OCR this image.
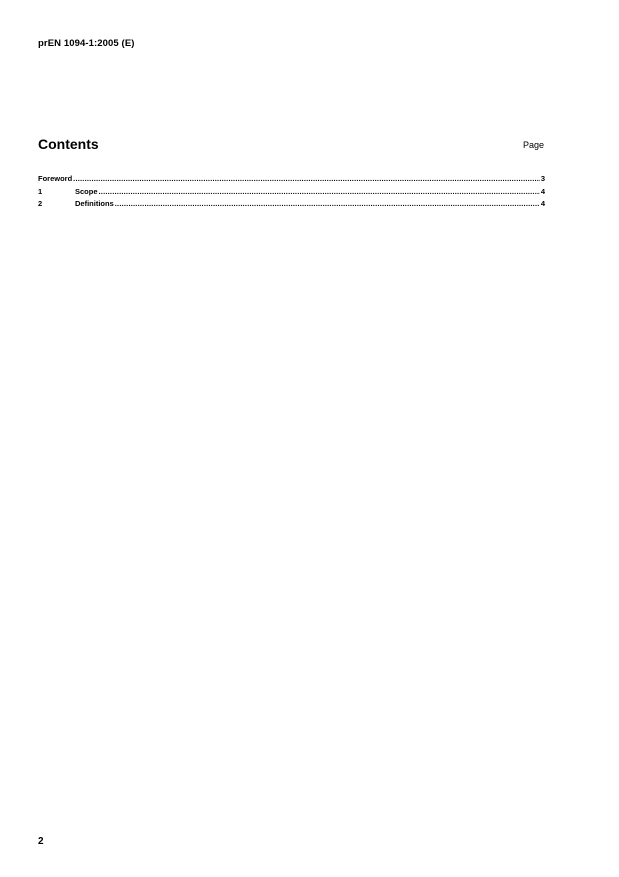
prEN 1094-1:2005 (E)
Contents	Page
Foreword .....	3
1	Scope .....	4
2	Definitions .....	4
2
